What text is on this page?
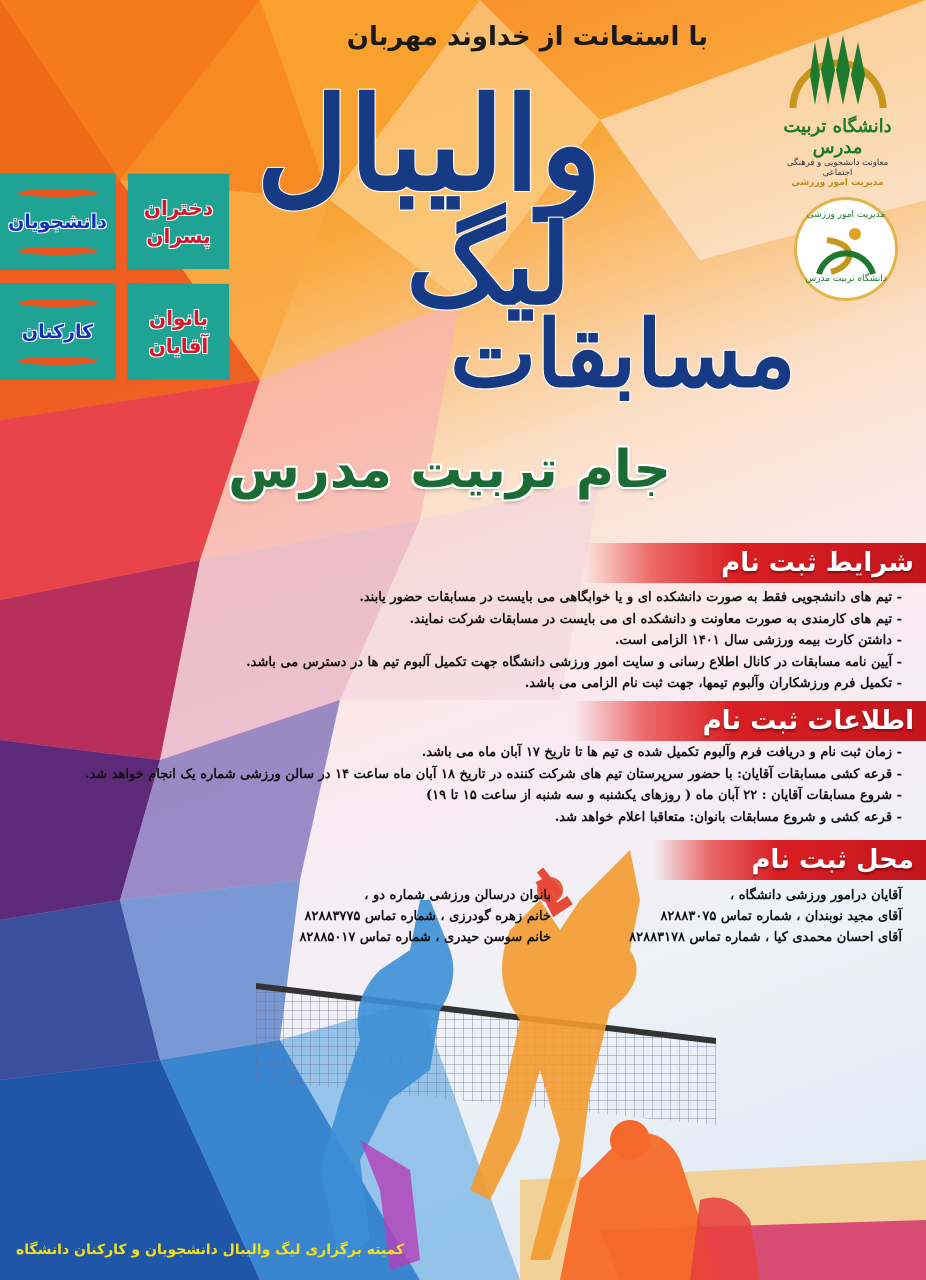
با استعانت از خداوند مهربان
دانشگاه تربیت مدرس
معاونت دانشجویی و فرهنگی اجتماعی
مدیریت امور ورزشی
مدیریت امور ورزشی
دانشگاه تربیت مدرس
دختران
پسران
دانشجویان
بانوان
آقایان
کارکنان
والیبال
لیگ
مسابقات
جام تربیت مدرس
شرایط ثبت نام
- تیم های دانشجویی فقط به صورت دانشکده ای و یا خوابگاهی می بایست در مسابقات حضور یابند.
- تیم های کارمندی به صورت معاونت و دانشکده ای می بایست در مسابقات شرکت نمایند.
- داشتن کارت بیمه ورزشی سال ۱۴۰۱ الزامی است.
- آیین نامه مسابقات در کانال اطلاع رسانی و سایت امور ورزشی دانشگاه جهت تکمیل آلبوم تیم ها در دسترس می باشد.
- تکمیل فرم ورزشکاران وآلبوم تیمها، جهت ثبت نام الزامی می باشد.
اطلاعات ثبت نام
- زمان ثبت نام و دریافت فرم وآلبوم تکمیل شده ی تیم ها تا تاریخ ۱۷ آبان ماه می باشد.
- قرعه کشی مسابقات آقایان: با حضور سرپرستان تیم های شرکت کننده در تاریخ ۱۸ آبان ماه ساعت ۱۴ در سالن ورزشی شماره یک انجام خواهد شد.
- شروع مسابقات آقایان : ۲۲ آبان ماه ( روزهای یکشنبه و سه شنبه از ساعت ۱۵ تا ۱۹)
- قرعه کشی و شروع مسابقات بانوان: متعاقبا اعلام خواهد شد.
محل ثبت نام
آقایان درامور ورزشی دانشگاه ،
آقای مجید نوبندان ، شماره تماس ۸۲۸۸۳۰۷۵
آقای احسان محمدی کیا ، شماره تماس ۸۲۸۸۳۱۷۸
بانوان درسالن ورزشی شماره دو ،
خانم زهره گودرزی ، شماره تماس ۸۲۸۸۳۷۷۵
خانم سوسن حیدری ، شماره تماس ۸۲۸۸۵۰۱۷
کمیته برگزاری لیگ والیبال دانشجویان و کارکنان دانشگاه
